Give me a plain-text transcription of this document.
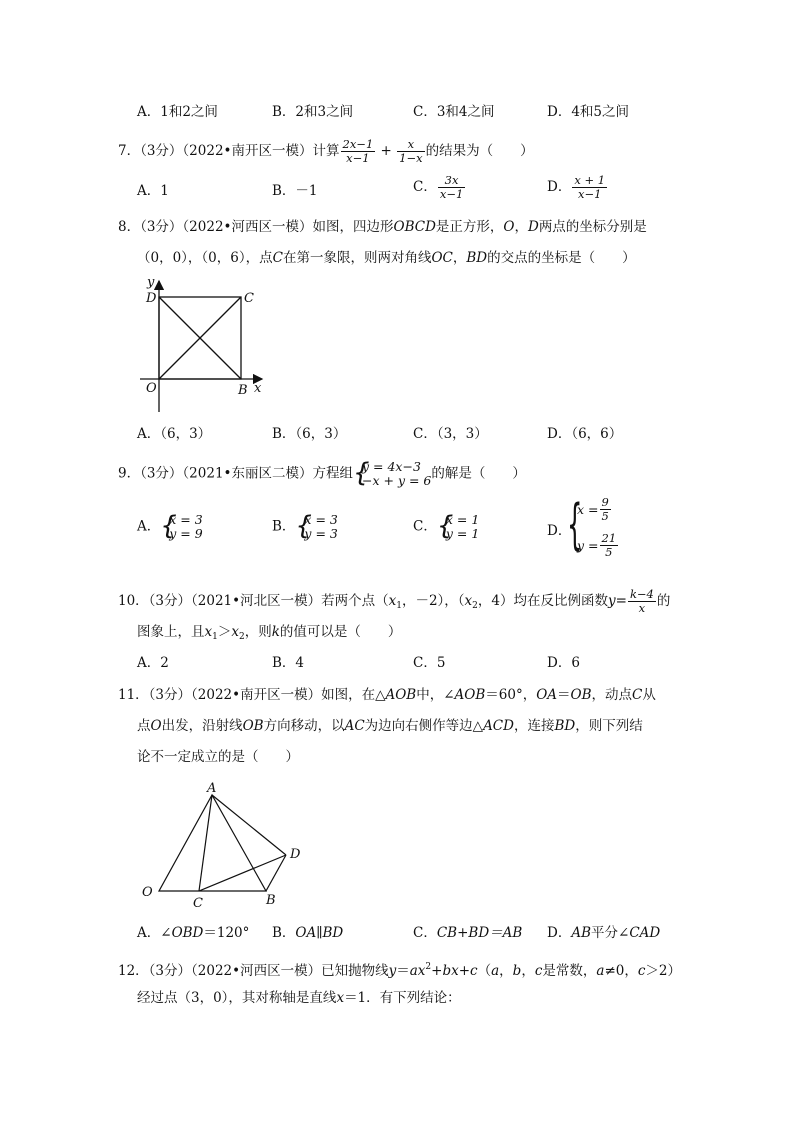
A．1和2之间	B．2和3之间	C．3和4之间	D．4和5之间
7．（3分）（2022•南开区一模）计算 $\frac{2x-1}{x-1} + \frac{x}{1-x}$ 的结果为（　　）
A．1	B．－1	C． $\frac{3x}{x-1}$	D． $\frac{x + 1}{x-1}$
8．（3分）（2022•河西区一模）如图，四边形OBCD是正方形，O，D两点的坐标分别是
（0，0），（0，6），点C在第一象限，则两对角线OC，BD的交点的坐标是（　　）
y
D	C
O	B x
A．（6，3）	B．（6，3）	C．（3，3）	D．（6，6）
9．（3分）（2021•东丽区二模）方程组 {
y = 4x−3
−x + y = 6 的解是（　　）
A． {
x = 3
y = 9	B． {
x = 3
y = 3	C． {
x = 1
y = 1	D．
{
$x = \frac{9}{5}$
$y = \frac{21}{5}$
10．（3分）（2021•河北区一模）若两个点（$x_1$，－2），（$x_2$，4）均在反比例函数$y= \frac{k-4}{x}$ 的
图象上，且$x_1>x_2$，则k的值可以是（　　）
A．2	B．4	C．5	D．6
11．（3分）（2022•南开区一模）如图，在△AOB中，∠AOB＝60°，OA＝OB，动点C从
点O出发，沿射线OB方向移动，以AC为边向右侧作等边△ACD，连接BD，则下列结
论不一定成立的是（　　）
A
D
O
C	B
A．∠OBD＝120° B．OA∥BD	C．CB+BD＝AB D．AB平分∠CAD
12．（3分）（2022•河西区一模）已知抛物线$y=ax^2+bx+c(a$，b，c是常数，a≠0，c＞2）
经过点（3，0），其对称轴是直线x＝1．有下列结论：
